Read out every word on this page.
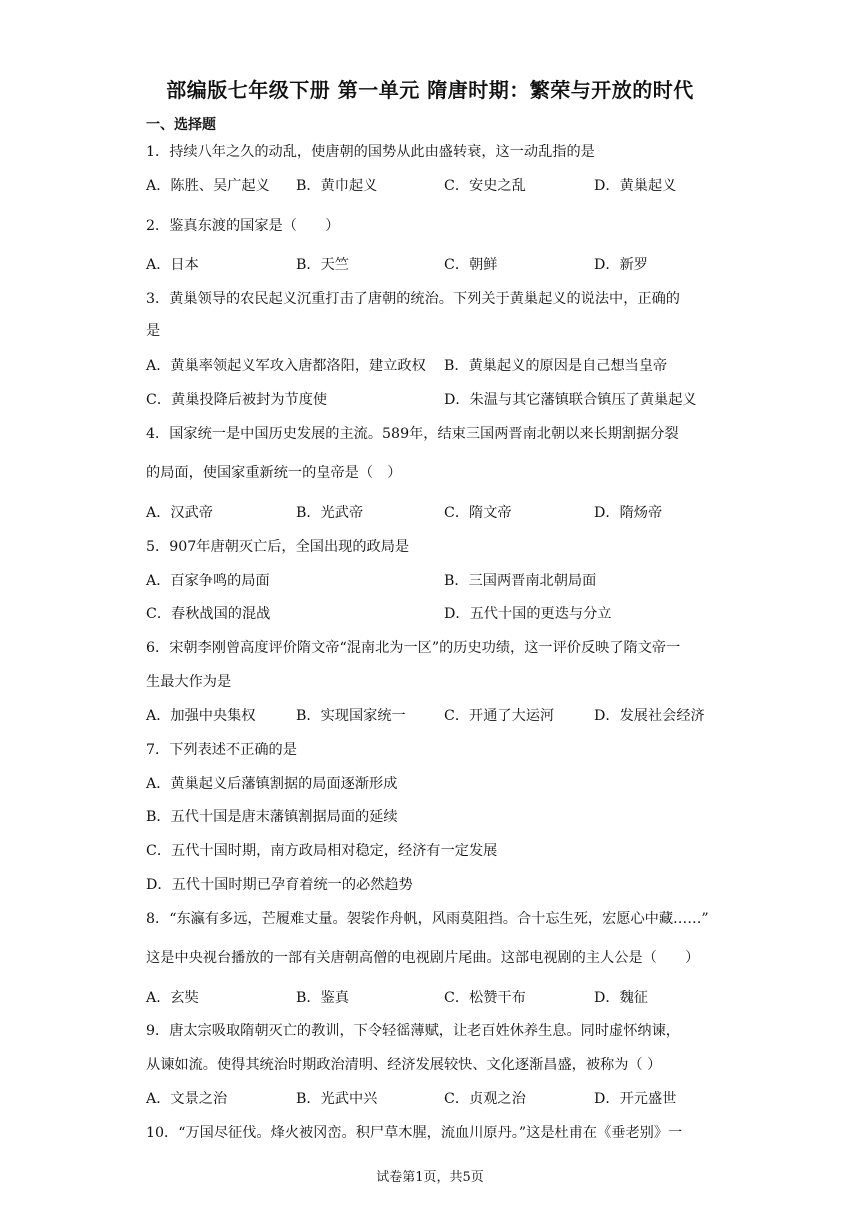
部编版七年级下册 第一单元 隋唐时期：繁荣与开放的时代
一、选择题
1．持续八年之久的动乱，使唐朝的国势从此由盛转衰，这一动乱指的是
A．陈胜、吴广起义 B．黄巾起义	C．安史之乱	D．黄巢起义
2．鉴真东渡的国家是（　　）
A．日本	B．天竺	C．朝鲜	D．新罗
3．黄巢领导的农民起义沉重打击了唐朝的统治。下列关于黄巢起义的说法中，正确的
是
A．黄巢率领起义军攻入唐都洛阳，建立政权 B．黄巢起义的原因是自己想当皇帝
C．黄巢投降后被封为节度使	D．朱温与其它藩镇联合镇压了黄巢起义
4．国家统一是中国历史发展的主流。589年，结束三国两晋南北朝以来长期割据分裂
的局面，使国家重新统一的皇帝是（　）
A．汉武帝	B．光武帝	C．隋文帝	D．隋炀帝
5．907年唐朝灭亡后，全国出现的政局是
A．百家争鸣的局面	B．三国两晋南北朝局面
C．春秋战国的混战	D．五代十国的更迭与分立
6．宋朝李刚曾高度评价隋文帝“混南北为一区”的历史功绩，这一评价反映了隋文帝一
生最大作为是
A．加强中央集权	B．实现国家统一	C．开通了大运河	D．发展社会经济
7．下列表述不正确的是
A．黄巢起义后藩镇割据的局面逐渐形成
B．五代十国是唐末藩镇割据局面的延续
C．五代十国时期，南方政局相对稳定，经济有一定发展
D．五代十国时期已孕育着统一的必然趋势
8．“东瀛有多远，芒履难丈量。袈裟作舟帆，风雨莫阻挡。合十忘生死，宏愿心中藏……”
这是中央视台播放的一部有关唐朝高僧的电视剧片尾曲。这部电视剧的主人公是（　　）
A．玄奘	B．鉴真	C．松赞干布	D．魏征
9．唐太宗吸取隋朝灭亡的教训，下令轻徭薄赋，让老百姓休养生息。同时虚怀纳谏，
从谏如流。使得其统治时期政治清明、经济发展较快、文化逐渐昌盛，被称为（ ）
A．文景之治	B．光武中兴	C．贞观之治	D．开元盛世
10．“万国尽征伐。烽火被冈峦。积尸草木腥，流血川原丹。”这是杜甫在《垂老别》一
试卷第1页，共5页
